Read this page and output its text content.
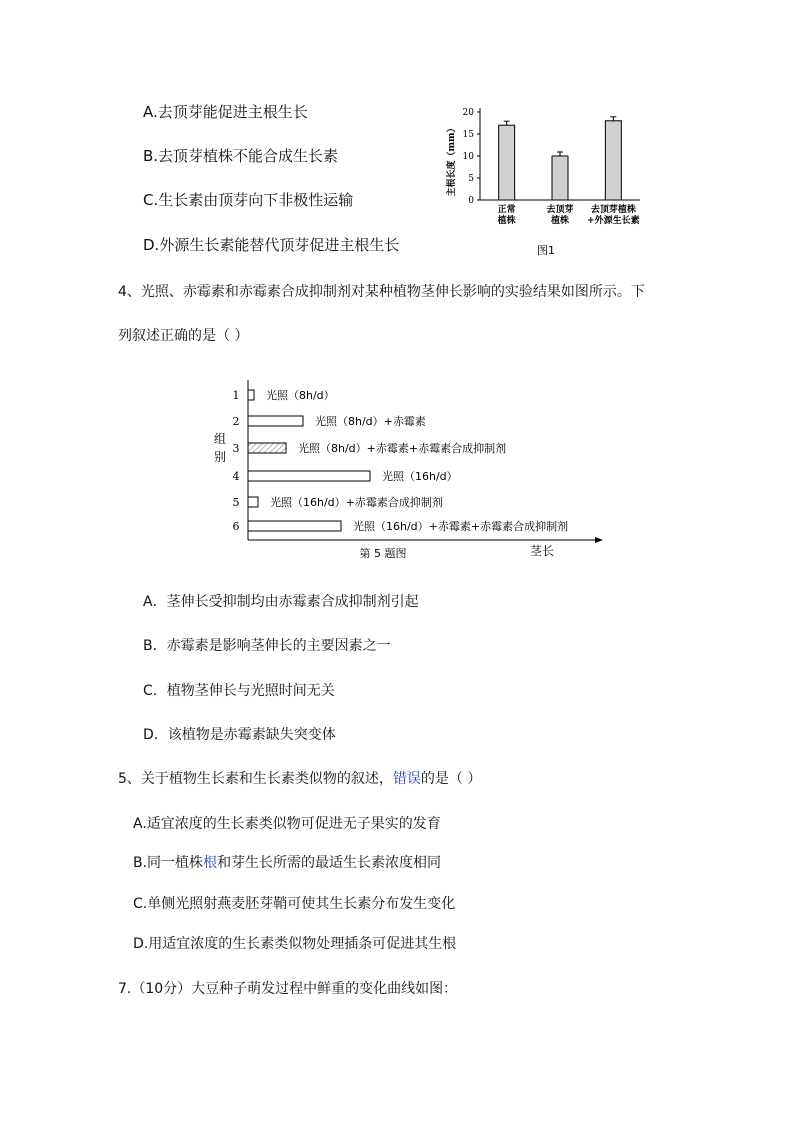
A.去顶芽能促进主根生长
B.去顶芽植株不能合成生长素
C.生长素由顶芽向下非极性运输
D.外源生长素能替代顶芽促进主根生长
主根长度（mm）
0
5
10
15
20
正常
植株
去顶芽
植株
去顶芽植株
+外源生长素
图1
4、光照、赤霉素和赤霉素合成抑制剂对某种植物茎伸长影响的实验结果如图所示。下
列叙述正确的是（ ）
组
别
1 光照（8h/d）
2	光照（8h/d）+赤霉素
3	光照（8h/d）+赤霉素+赤霉素合成抑制剂
4	光照（16h/d）
5	光照（16h/d）+赤霉素合成抑制剂
6	光照（16h/d）+赤霉素+赤霉素合成抑制剂
第 5 题图	茎长
A．茎伸长受抑制均由赤霉素合成抑制剂引起
B．赤霉素是影响茎伸长的主要因素之一
C．植物茎伸长与光照时间无关
D．该植物是赤霉素缺失突变体
5、关于植物生长素和生长素类似物的叙述，错误的是（ ）
A.适宜浓度的生长素类似物可促进无子果实的发育
B.同一植株根和芽生长所需的最适生长素浓度相同
C.单侧光照射燕麦胚芽鞘可使其生长素分布发生变化
D.用适宜浓度的生长素类似物处理插条可促进其生根
7.（10分）大豆种子萌发过程中鲜重的变化曲线如图：
